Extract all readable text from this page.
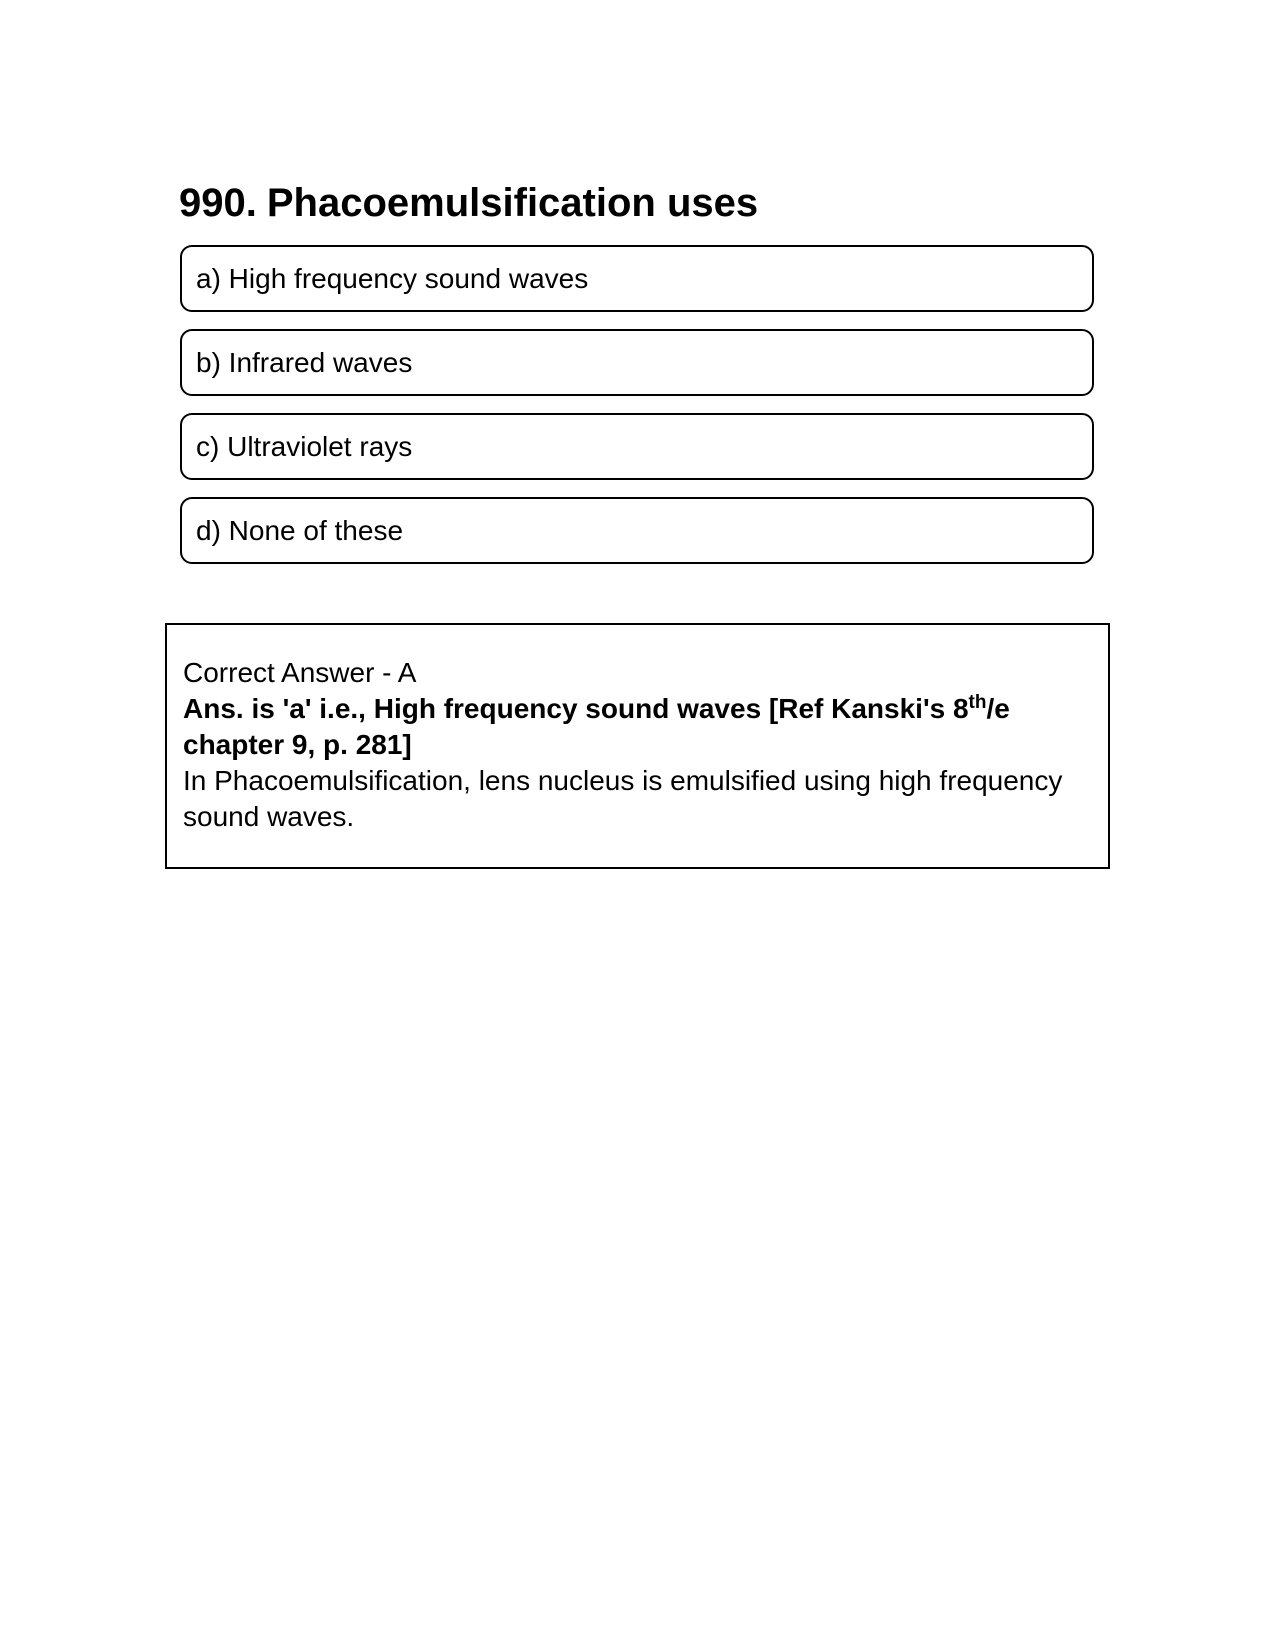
990. Phacoemulsification uses
a) High frequency sound waves
b) Infrared waves
c) Ultraviolet rays
d) None of these

Correct Answer - A

Ans. is 'a' i.e., High frequency sound waves [Ref Kanski's 8th/e chapter 9, p. 281]

In Phacoemulsification, lens nucleus is emulsified using high frequency sound waves.
